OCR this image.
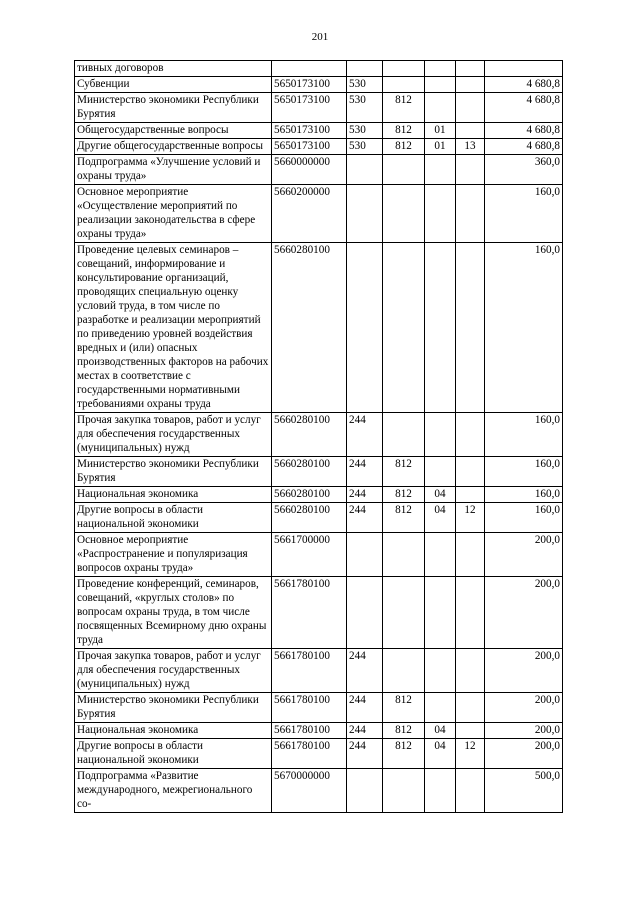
201
тивных договоров						
Субвенции	5650173100	530				4 680,8
Министерство экономики Республики Бурятия	5650173100	530	812			4 680,8
Общегосударственные вопросы	5650173100	530	812	01		4 680,8
Другие общегосударственные вопросы	5650173100	530	812	01	13	4 680,8
Подпрограмма «Улучшение условий и охраны труда»	5660000000					360,0
Основное мероприятие «Осуществление мероприятий по реализации законодательства в сфере охраны труда»	5660200000					160,0
Проведение целевых семинаров – совещаний, информирование и консультирование организаций, проводящих специальную оценку условий труда, в том числе по разработке и реализации мероприятий по приведению уровней воздействия вредных и (или) опасных производственных факторов на рабочих местах в соответствие с государственными нормативными требованиями охраны труда	5660280100					160,0
Прочая закупка товаров, работ и услуг для обеспечения государственных (муниципальных) нужд	5660280100	244				160,0
Министерство экономики Республики Бурятия	5660280100	244	812			160,0
Национальная экономика	5660280100	244	812	04		160,0
Другие вопросы в области национальной экономики	5660280100	244	812	04	12	160,0
Основное мероприятие «Распространение и популяризация вопросов охраны труда»	5661700000					200,0
Проведение конференций, семинаров, совещаний, «круглых столов» по вопросам охраны труда, в том числе посвященных Всемирному дню охраны труда	5661780100					200,0
Прочая закупка товаров, работ и услуг для обеспечения государственных (муниципальных) нужд	5661780100	244				200,0
Министерство экономики Республики Бурятия	5661780100	244	812			200,0
Национальная экономика	5661780100	244	812	04		200,0
Другие вопросы в области национальной экономики	5661780100	244	812	04	12	200,0
Подпрограмма «Развитие международного, межрегионального со-	5670000000					500,0
